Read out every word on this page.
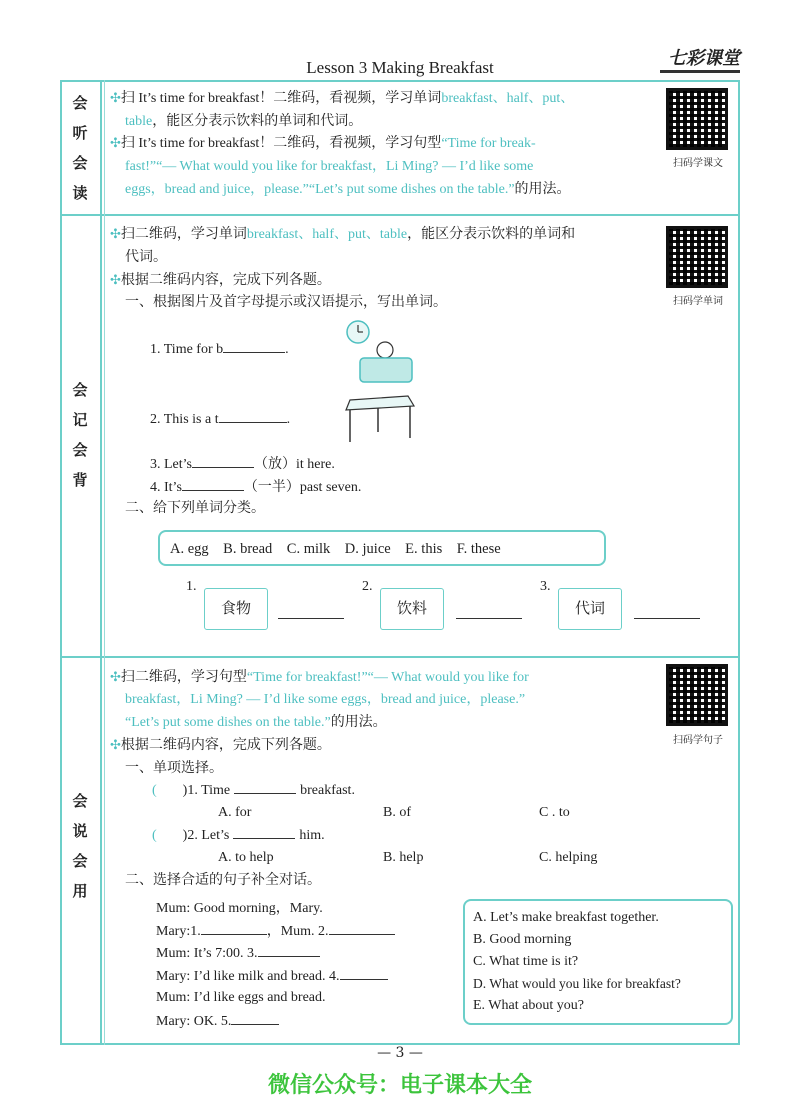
Lesson 3 Making Breakfast	七彩课堂
会
听
会
读
✣扫 It’s time for breakfast！二维码，看视频，学习单词breakfast、half、put、
table，能区分表示饮料的单词和代词。
✣扫 It’s time for breakfast！二维码，看视频，学习句型“Time for break-
fast!”“— What would you like for breakfast，Li Ming? — I’d like some
eggs，bread and juice，please.”“Let’s put some dishes on the table.”的用法。
扫码学课文
会
记
会
背
✣扫二维码，学习单词breakfast、half、put、table，能区分表示饮料的单词和
代词。
✣根据二维码内容，完成下列各题。
一、根据图片及首字母提示或汉语提示，写出单词。	扫码学单词
1. Time for b	.
2. This is a t	.
3. Let’s	（放）it here.
4. It’s	（一半）past seven.
二、给下列单词分类。
A. egg    B. bread    C. milk    D. juice    E. this    F. these
1.
食物
2.
饮料
3.
代词
会
说
会
用
✣扫二维码，学习句型“Time for breakfast!”“— What would you like for
breakfast，Li Ming? — I’d like some eggs，bread and juice，please.”
“Let’s put some dishes on the table.”的用法。
✣根据二维码内容，完成下列各题。	扫码学句子
一、单项选择。
( )1. Time	breakfast.
A. for	B. of	C . to
( )2. Let’s	him.
A. to help	B. help	C. helping
二、选择合适的句子补全对话。
Mum: Good morning，Mary.
Mary:1.	，Mum. 2.
Mum: It’s 7:00. 3.
Mary: I’d like milk and bread. 4.
Mum: I’d like eggs and bread.
Mary: OK. 5.
A. Let’s make breakfast together.
B. Good morning
C. What time is it?
D. What would you like for breakfast?
E. What about you?
— 3 —
微信公众号：电子课本大全
